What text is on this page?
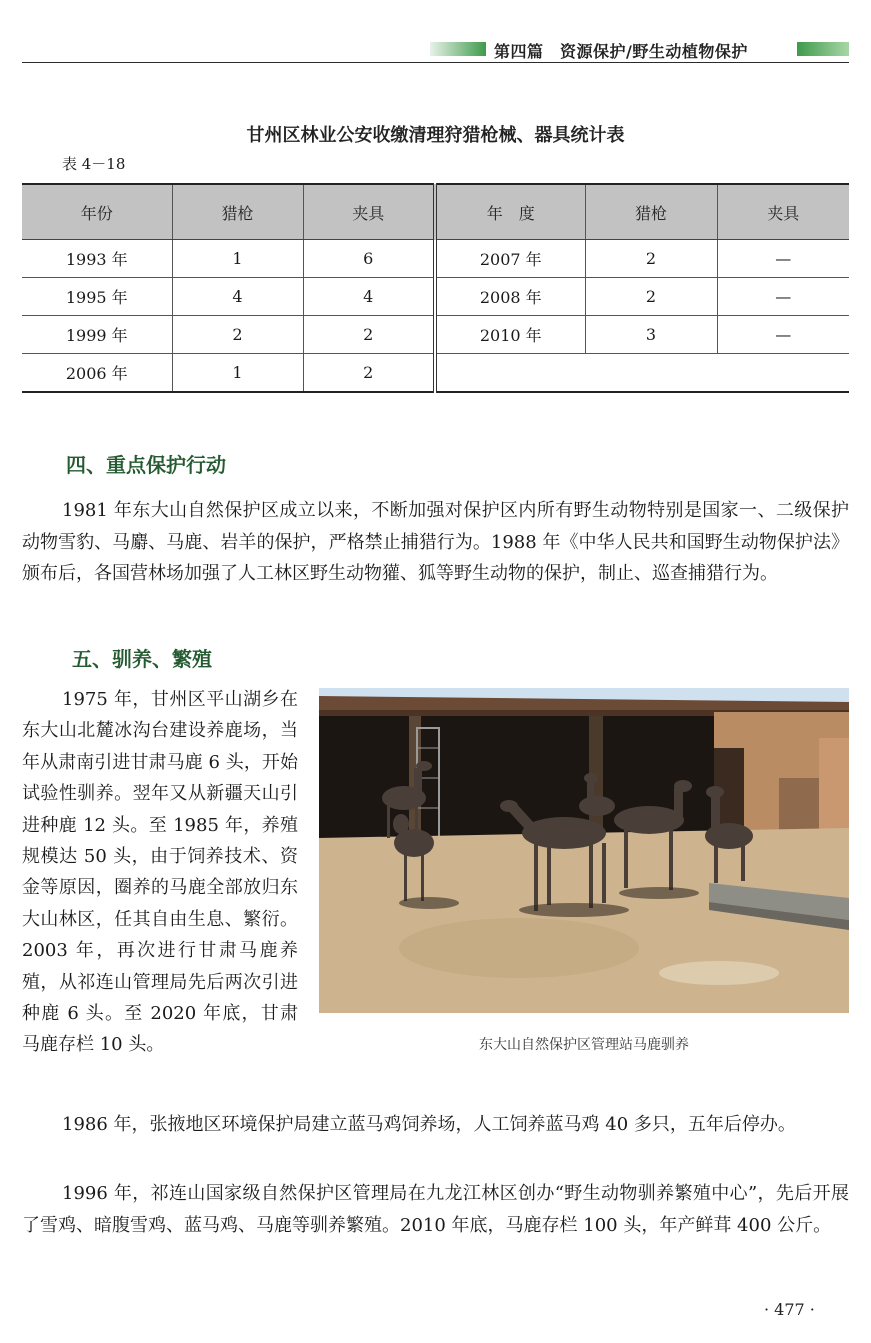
第四篇　资源保护/野生动植物保护
甘州区林业公安收缴清理狩猎枪械、器具统计表
表 4－18
年份	猎枪	夹具	年　度	猎枪	夹具
1993 年	1	6	2007 年	2	—
1995 年	4	4	2008 年	2	—
1999 年	2	2	2010 年	3	—
2006 年	1	2			
四、重点保护行动
1981 年东大山自然保护区成立以来，不断加强对保护区内所有野生动物特别是国家一、二级保护动物雪豹、马麝、马鹿、岩羊的保护，严格禁止捕猎行为。1988 年《中华人民共和国野生动物保护法》颁布后，各国营林场加强了人工林区野生动物獾、狐等野生动物的保护，制止、巡查捕猎行为。
五、驯养、繁殖
东大山自然保护区管理站马鹿驯养
1975 年，甘州区平山湖乡在东大山北麓冰沟台建设养鹿场，当年从肃南引进甘肃马鹿 6 头，开始试验性驯养。翌年又从新疆天山引进种鹿 12 头。至 1985 年，养殖规模达 50 头，由于饲养技术、资金等原因，圈养的马鹿全部放归东大山林区，任其自由生息、繁衍。2003 年，再次进行甘肃马鹿养殖，从祁连山管理局先后两次引进种鹿 6 头。至 2020 年底，甘肃马鹿存栏 10 头。
1986 年，张掖地区环境保护局建立蓝马鸡饲养场，人工饲养蓝马鸡 40 多只，五年后停办。
1996 年，祁连山国家级自然保护区管理局在九龙江林区创办“野生动物驯养繁殖中心”，先后开展了雪鸡、暗腹雪鸡、蓝马鸡、马鹿等驯养繁殖。2010 年底，马鹿存栏 100 头，年产鲜茸 400 公斤。
· 477 ·
